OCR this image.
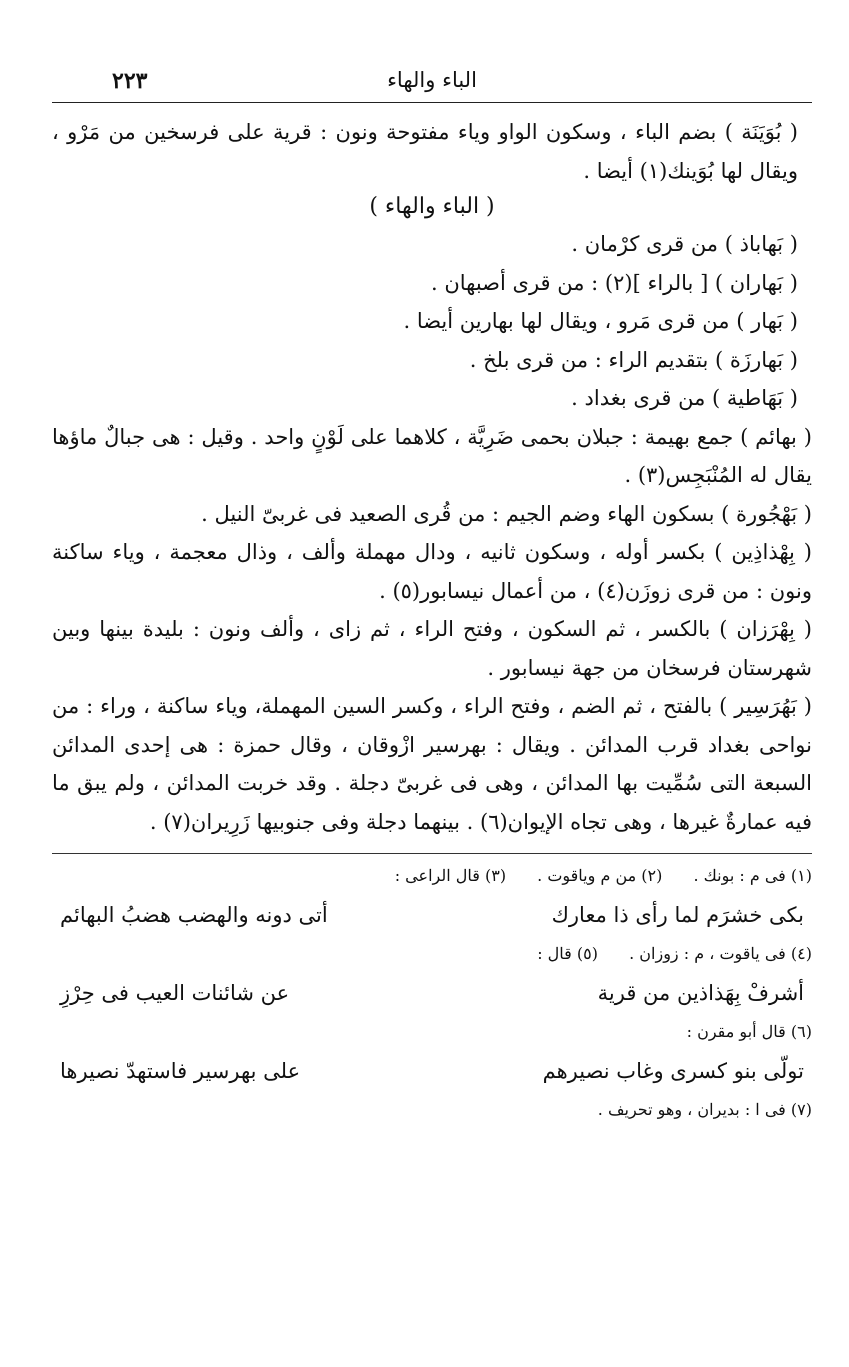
الباء والهاء
٢٢٣
( بُوَيَنَة ) بضم الباء ، وسكون الواو وياء مفتوحة ونون : قرية على فرسخين من مَرْو ، ويقال لها بُوَينك(١) أيضا .
( الباء والهاء )
( بَهاباذ ) من قرى كرْمان .
( بَهاران ) [ بالراء ](٢) : من قرى أصبهان .
( بَهار ) من قرى مَرو ، ويقال لها بهارين أيضا .
( بَهارزَة ) بتقديم الراء : من قرى بلخ .
( بَهَاطية ) من قرى بغداد .
( بهائم ) جمع بهيمة : جبلان بحمى ضَرِيَّة ، كلاهما على لَوْنٍ واحد . وقيل : هى جبالٌ ماؤها يقال له المُنْبَجِس(٣) .
( بَهْجُورة ) بسكون الهاء وضم الجيم : من قُرى الصعيد فى غربىّ النيل .
( بِهْذاذِين ) بكسر أوله ، وسكون ثانيه ، ودال مهملة وألف ، وذال معجمة ، وياء ساكنة ونون : من قرى زوزَن(٤) ، من أعمال نيسابور(٥) .
( بِهْرَزان ) بالكسر ، ثم السكون ، وفتح الراء ، ثم زاى ، وألف ونون : بليدة بينها وبين شهرستان فرسخان من جهة نيسابور .
( بَهُرَسِير ) بالفتح ، ثم الضم ، وفتح الراء ، وكسر السين المهملة، وياء ساكنة ، وراء : من نواحى بغداد قرب المدائن . ويقال : بهرسير ازْوقان ، وقال حمزة : هى إحدى المدائن السبعة التى سُمِّيت بها المدائن ، وهى فى غربىّ دجلة . وقد خربت المدائن ، ولم يبق ما فيه عمارةٌ غيرها ، وهى تجاه الإيوان(٦) . بينهما دجلة وفى جنوبيها زَرِيران(٧) .
(١) فى م : بونك . (٢) من م وياقوت . (٣) قال الراعى :
بكى خشرَم لما رأى ذا معارك
أتى دونه والهضب هضبُ البهائم
(٤) فى ياقوت ، م : زوزان . (٥) قال :
أشرفْ بِهَذاذين من قرية
عن شائنات العيب فى حِرْزِ
(٦) قال أبو مقرن :
تولّى بنو كسرى وغاب نصيرهم
على بهرسير فاستهدّ نصيرها
(٧) فى ا : بديران ، وهو تحريف .
